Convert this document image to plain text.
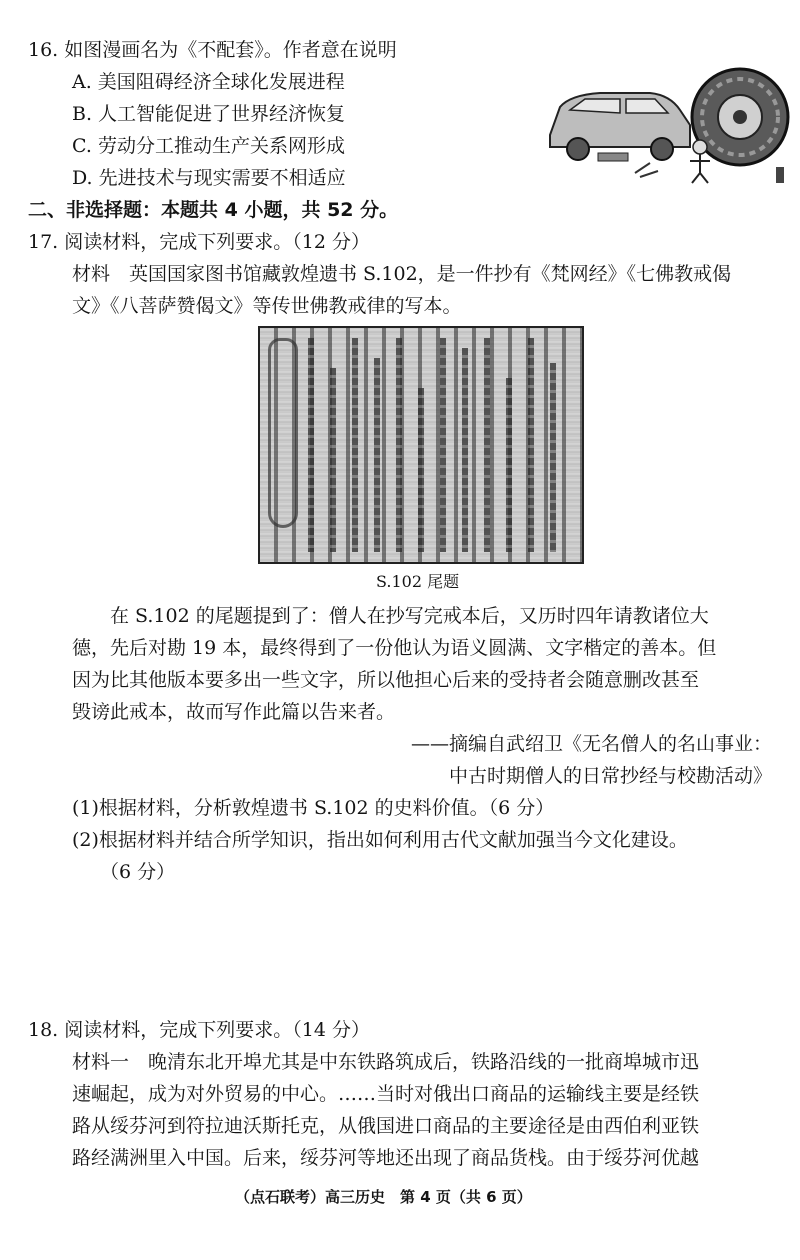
16. 如图漫画名为《不配套》。作者意在说明
A. 美国阻碍经济全球化发展进程
B. 人工智能促进了世界经济恢复
C. 劳动分工推动生产关系网形成
D. 先进技术与现实需要不相适应
二、非选择题：本题共 4 小题，共 52 分。
17. 阅读材料，完成下列要求。（12 分）
材料　英国国家图书馆藏敦煌遗书 S.102，是一件抄有《梵网经》《七佛教戒偈
文》《八菩萨赞偈文》等传世佛教戒律的写本。
S.102 尾题
在 S.102 的尾题提到了：僧人在抄写完戒本后，又历时四年请教诸位大
德，先后对勘 19 本，最终得到了一份他认为语义圆满、文字楷定的善本。但
因为比其他版本要多出一些文字，所以他担心后来的受持者会随意删改甚至
毁谤此戒本，故而写作此篇以告来者。
——摘编自武绍卫《无名僧人的名山事业：
中古时期僧人的日常抄经与校勘活动》
(1)根据材料，分析敦煌遗书 S.102 的史料价值。（6 分）
(2)根据材料并结合所学知识，指出如何利用古代文献加强当今文化建设。
（6 分）
18. 阅读材料，完成下列要求。（14 分）
材料一　晚清东北开埠尤其是中东铁路筑成后，铁路沿线的一批商埠城市迅
速崛起，成为对外贸易的中心。……当时对俄出口商品的运输线主要是经铁
路从绥芬河到符拉迪沃斯托克，从俄国进口商品的主要途径是由西伯利亚铁
路经满洲里入中国。后来，绥芬河等地还出现了商品货栈。由于绥芬河优越
（点石联考）高三历史　第 4 页（共 6 页）
